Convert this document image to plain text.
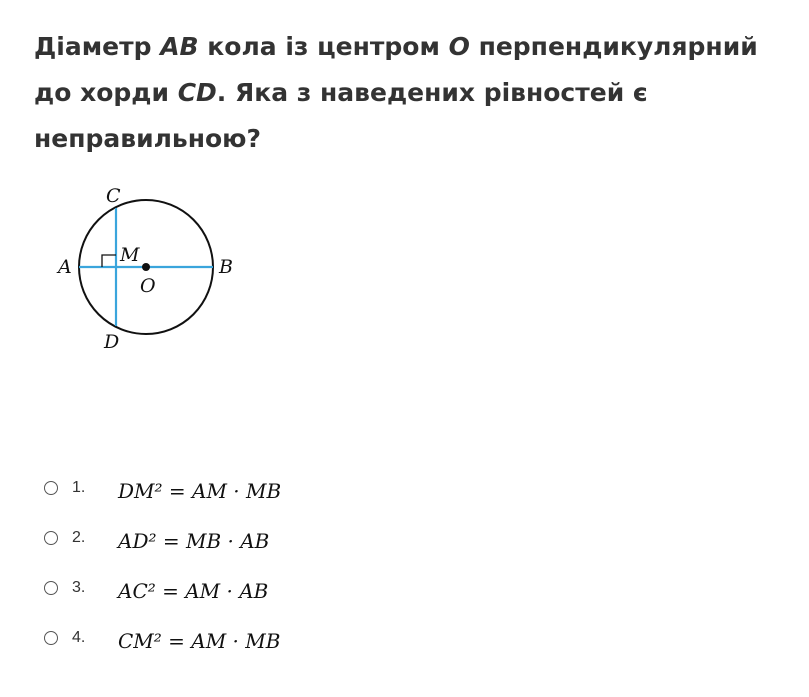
Діаметр AB кола із центром O перпендикулярний до хорди CD. Яка з наведених рівностей є неправильною?
C
A
M
O
B
D
1.	DM² = AM · MB
2.	AD² = MB · AB
3.	AC² = AM · AB
4.	CM² = AM · MB
